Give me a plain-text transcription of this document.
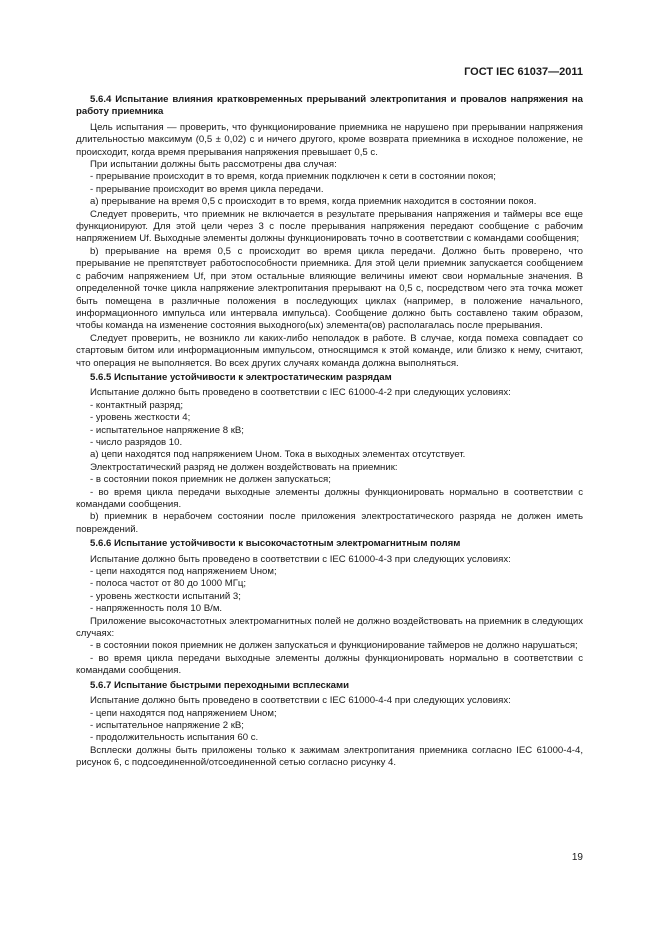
ГОСТ IEC 61037—2011
5.6.4 Испытание влияния кратковременных прерываний электропитания и провалов напряжения на работу приемника

Цель испытания — проверить, что функционирование приемника не нарушено при прерывании напряжения длительностью максимум (0,5 ± 0,02) с и ничего другого, кроме возврата приемника в исходное положение, не происходит, когда время прерывания напряжения превышает 0,5 с.

При испытании должны быть рассмотрены два случая:

- прерывание происходит в то время, когда приемник подключен к сети в состоянии покоя;

- прерывание происходит во время цикла передачи.

а) прерывание на время 0,5 с происходит в то время, когда приемник находится в состоянии покоя.

Следует проверить, что приемник не включается в результате прерывания напряжения и таймеры все еще функционируют. Для этой цели через 3 с после прерывания напряжения передают сообщение с рабочим напряжением Uf. Выходные элементы должны функционировать точно в соответствии с командами сообщения;

b) прерывание на время 0,5 с происходит во время цикла передачи. Должно быть проверено, что прерывание не препятствует работоспособности приемника. Для этой цели приемник запускается сообщением с рабочим напряжением Uf, при этом остальные влияющие величины имеют свои нормальные значения. В определенной точке цикла напряжение электропитания прерывают на 0,5 с, посредством чего эта точка может быть помещена в различные положения в последующих циклах (например, в положение начального, информационного импульса или интервала импульса). Сообщение должно быть составлено таким образом, чтобы команда на изменение состояния выходного(ых) элемента(ов) располагалась после прерывания.

Следует проверить, не возникло ли каких-либо неполадок в работе. В случае, когда помеха совпадает со стартовым битом или информационным импульсом, относящимся к этой команде, или близко к нему, считают, что операция не выполняется. Во всех других случаях команда должна выполняться.

5.6.5 Испытание устойчивости к электростатическим разрядам

Испытание должно быть проведено в соответствии с IEC 61000-4-2 при следующих условиях:

- контактный разряд;

- уровень жесткости 4;

- испытательное напряжение 8 кВ;

- число разрядов 10.

а) цепи находятся под напряжением Uном. Тока в выходных элементах отсутствует.

Электростатический разряд не должен воздействовать на приемник:

- в состоянии покоя приемник не должен запускаться;

- во время цикла передачи выходные элементы должны функционировать нормально в соответствии с командами сообщения.

b) приемник в нерабочем состоянии после приложения электростатического разряда не должен иметь повреждений.

5.6.6 Испытание устойчивости к высокочастотным электромагнитным полям

Испытание должно быть проведено в соответствии с IEC 61000-4-3 при следующих условиях:

- цепи находятся под напряжением Uном;

- полоса частот от 80 до 1000 МГц;

- уровень жесткости испытаний 3;

- напряженность поля 10 В/м.

Приложение высокочастотных электромагнитных полей не должно воздействовать на приемник в следующих случаях:

- в состоянии покоя приемник не должен запускаться и функционирование таймеров не должно нарушаться;

- во время цикла передачи выходные элементы должны функционировать нормально в соответствии с командами сообщения.

5.6.7 Испытание быстрыми переходными всплесками

Испытание должно быть проведено в соответствии с IEC 61000-4-4 при следующих условиях:

- цепи находятся под напряжением Uном;

- испытательное напряжение 2 кВ;

- продолжительность испытания 60 с.

Всплески должны быть приложены только к зажимам электропитания приемника согласно IEC 61000-4-4, рисунок 6, с подсоединенной/отсоединенной сетью согласно рисунку 4.

19
